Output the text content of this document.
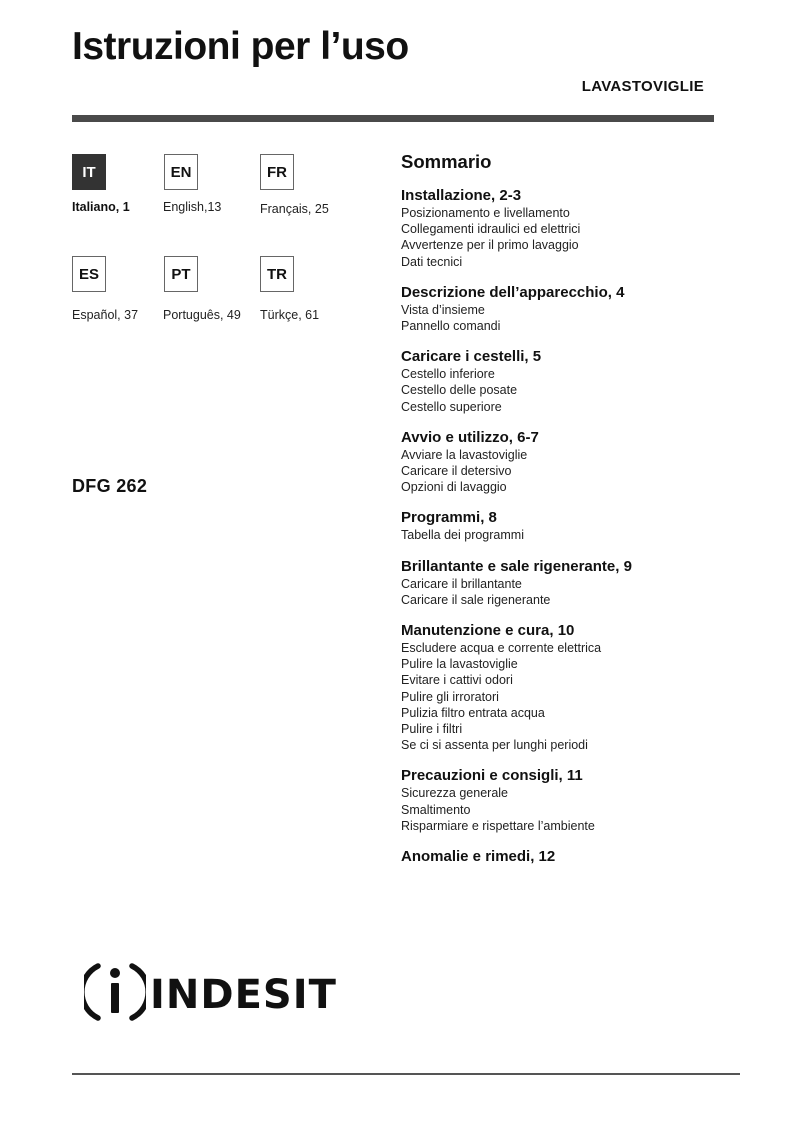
Istruzioni per l’uso
LAVASTOVIGLIE
IT
Italiano, 1
EN
English,13
FR
Français, 25
ES
Español, 37
PT
Português, 49
TR
Türkçe, 61
DFG 262
Sommario
Installazione, 2-3
Posizionamento e livellamento
Collegamenti idraulici ed elettrici
Avvertenze per il primo lavaggio
Dati tecnici
Descrizione dell’apparecchio, 4
Vista d’insieme
Pannello comandi
Caricare i cestelli, 5
Cestello inferiore
Cestello delle posate
Cestello superiore
Avvio e utilizzo, 6-7
Avviare la lavastoviglie
Caricare il detersivo
Opzioni di lavaggio
Programmi, 8
Tabella dei programmi
Brillantante e sale rigenerante, 9
Caricare il brillantante
Caricare il sale rigenerante
Manutenzione e cura, 10
Escludere acqua e corrente elettrica
Pulire la lavastoviglie
Evitare i cattivi odori
Pulire gli irroratori
Pulizia filtro entrata acqua
Pulire i filtri
Se ci si assenta per lunghi periodi
Precauzioni e consigli, 11
Sicurezza generale
Smaltimento
Risparmiare e rispettare l’ambiente
Anomalie e rimedi, 12
INDESIT
